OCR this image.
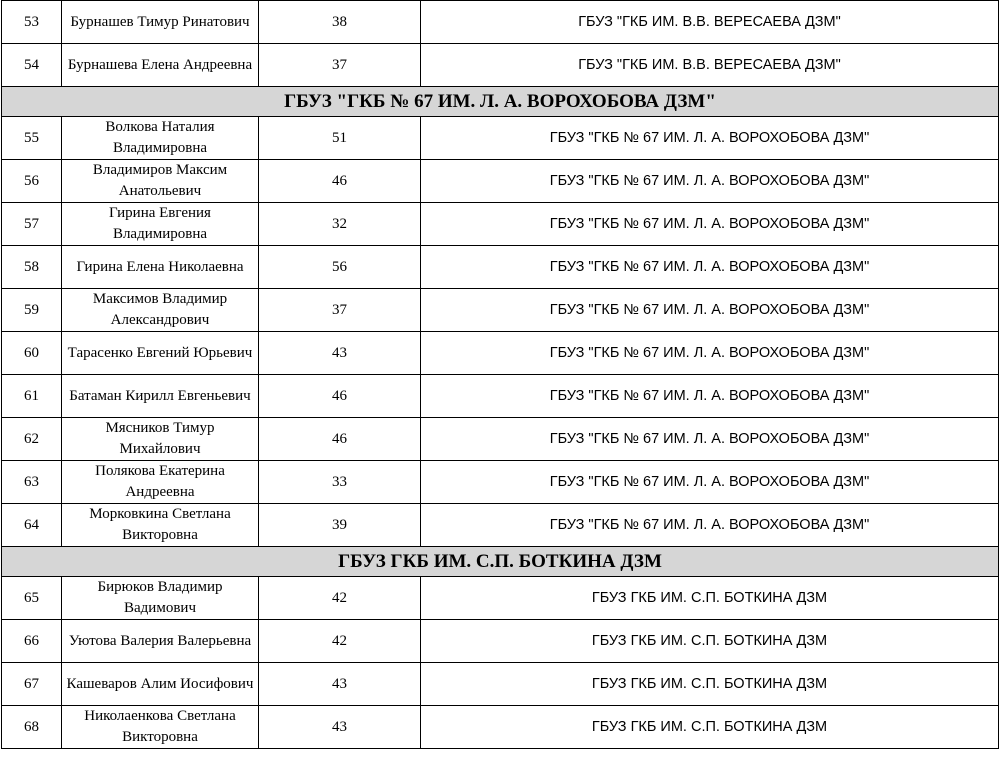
53	Бурнашев Тимур Ринатович	38	ГБУЗ "ГКБ ИМ. В.В. ВЕРЕСАЕВА ДЗМ"
54	Бурнашева Елена Андреевна	37	ГБУЗ "ГКБ ИМ. В.В. ВЕРЕСАЕВА ДЗМ"
ГБУЗ "ГКБ № 67 ИМ. Л. А. ВОРОХОБОВА ДЗМ"			
55	Волкова Наталия Владимировна	51	ГБУЗ "ГКБ № 67 ИМ. Л. А. ВОРОХОБОВА ДЗМ"
56	Владимиров Максим Анатольевич	46	ГБУЗ "ГКБ № 67 ИМ. Л. А. ВОРОХОБОВА ДЗМ"
57	Гирина Евгения Владимировна	32	ГБУЗ "ГКБ № 67 ИМ. Л. А. ВОРОХОБОВА ДЗМ"
58	Гирина Елена Николаевна	56	ГБУЗ "ГКБ № 67 ИМ. Л. А. ВОРОХОБОВА ДЗМ"
59	Максимов Владимир Александрович	37	ГБУЗ "ГКБ № 67 ИМ. Л. А. ВОРОХОБОВА ДЗМ"
60	Тарасенко Евгений Юрьевич	43	ГБУЗ "ГКБ № 67 ИМ. Л. А. ВОРОХОБОВА ДЗМ"
61	Батаман Кирилл Евгеньевич	46	ГБУЗ "ГКБ № 67 ИМ. Л. А. ВОРОХОБОВА ДЗМ"
62	Мясников Тимур Михайлович	46	ГБУЗ "ГКБ № 67 ИМ. Л. А. ВОРОХОБОВА ДЗМ"
63	Полякова Екатерина Андреевна	33	ГБУЗ "ГКБ № 67 ИМ. Л. А. ВОРОХОБОВА ДЗМ"
64	Морковкина Светлана Викторовна	39	ГБУЗ "ГКБ № 67 ИМ. Л. А. ВОРОХОБОВА ДЗМ"
ГБУЗ ГКБ ИМ. С.П. БОТКИНА ДЗМ			
65	Бирюков Владимир Вадимович	42	ГБУЗ ГКБ ИМ. С.П. БОТКИНА ДЗМ
66	Уютова Валерия Валерьевна	42	ГБУЗ ГКБ ИМ. С.П. БОТКИНА ДЗМ
67	Кашеваров Алим Иосифович	43	ГБУЗ ГКБ ИМ. С.П. БОТКИНА ДЗМ
68	Николаенкова Светлана Викторовна	43	ГБУЗ ГКБ ИМ. С.П. БОТКИНА ДЗМ
